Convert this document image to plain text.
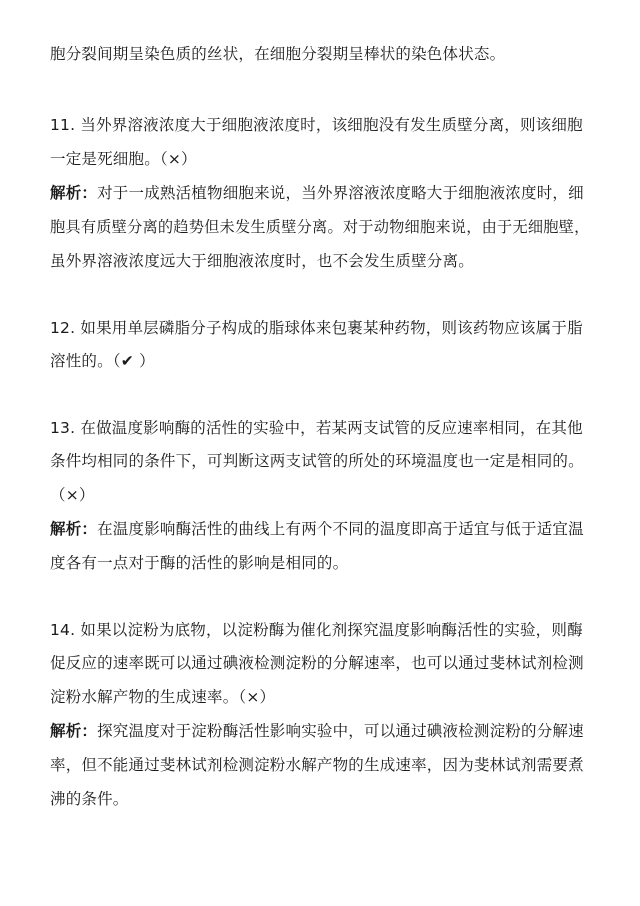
胞分裂间期呈染色质的丝状，在细胞分裂期呈棒状的染色体状态。
11. 当外界溶液浓度大于细胞液浓度时，该细胞没有发生质壁分离，则该细胞
一定是死细胞。（×）
解析：对于一成熟活植物细胞来说，当外界溶液浓度略大于细胞液浓度时，细
胞具有质壁分离的趋势但未发生质壁分离。对于动物细胞来说，由于无细胞壁，
虽外界溶液浓度远大于细胞液浓度时，也不会发生质壁分离。
12. 如果用单层磷脂分子构成的脂球体来包裹某种药物，则该药物应该属于脂
溶性的。（✔ ）
13. 在做温度影响酶的活性的实验中，若某两支试管的反应速率相同，在其他
条件均相同的条件下，可判断这两支试管的所处的环境温度也一定是相同的。
（×）
解析：在温度影响酶活性的曲线上有两个不同的温度即高于适宜与低于适宜温
度各有一点对于酶的活性的影响是相同的。
14. 如果以淀粉为底物，以淀粉酶为催化剂探究温度影响酶活性的实验，则酶
促反应的速率既可以通过碘液检测淀粉的分解速率，也可以通过斐林试剂检测
淀粉水解产物的生成速率。（×）
解析：探究温度对于淀粉酶活性影响实验中，可以通过碘液检测淀粉的分解速
率，但不能通过斐林试剂检测淀粉水解产物的生成速率，因为斐林试剂需要煮
沸的条件。
